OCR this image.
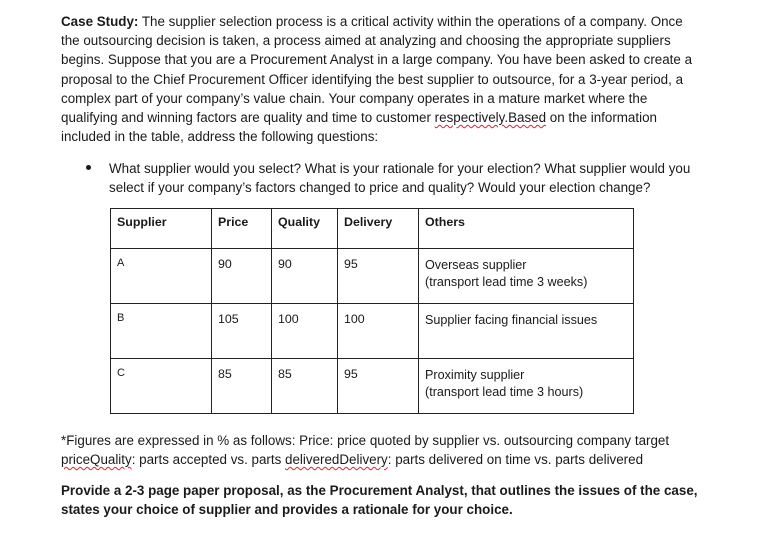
Case Study: The supplier selection process is a critical activity within the operations of a company. Once the outsourcing decision is taken, a process aimed at analyzing and choosing the appropriate suppliers begins. Suppose that you are a Procurement Analyst in a large company. You have been asked to create a proposal to the Chief Procurement Officer identifying the best supplier to outsource, for a 3-year period, a complex part of your company’s value chain. Your company operates in a mature market where the qualifying and winning factors are quality and time to customer respectively.Based on the information included in the table, address the following questions:
What supplier would you select? What is your rationale for your election? What supplier would you select if your company’s factors changed to price and quality? Would your election change?
Supplier	Price	Quality	Delivery	Others
A	90	90	95	Overseas supplier
(transport lead time 3 weeks)

B	105	100	100	Supplier facing financial issues

C	85	85	95	Proximity supplier
(transport lead time 3 hours)
*Figures are expressed in % as follows: Price: price quoted by supplier vs. outsourcing company target priceQuality: parts accepted vs. parts deliveredDelivery: parts delivered on time vs. parts delivered
Provide a 2-3 page paper proposal, as the Procurement Analyst, that outlines the issues of the case, states your choice of supplier and provides a rationale for your choice.
